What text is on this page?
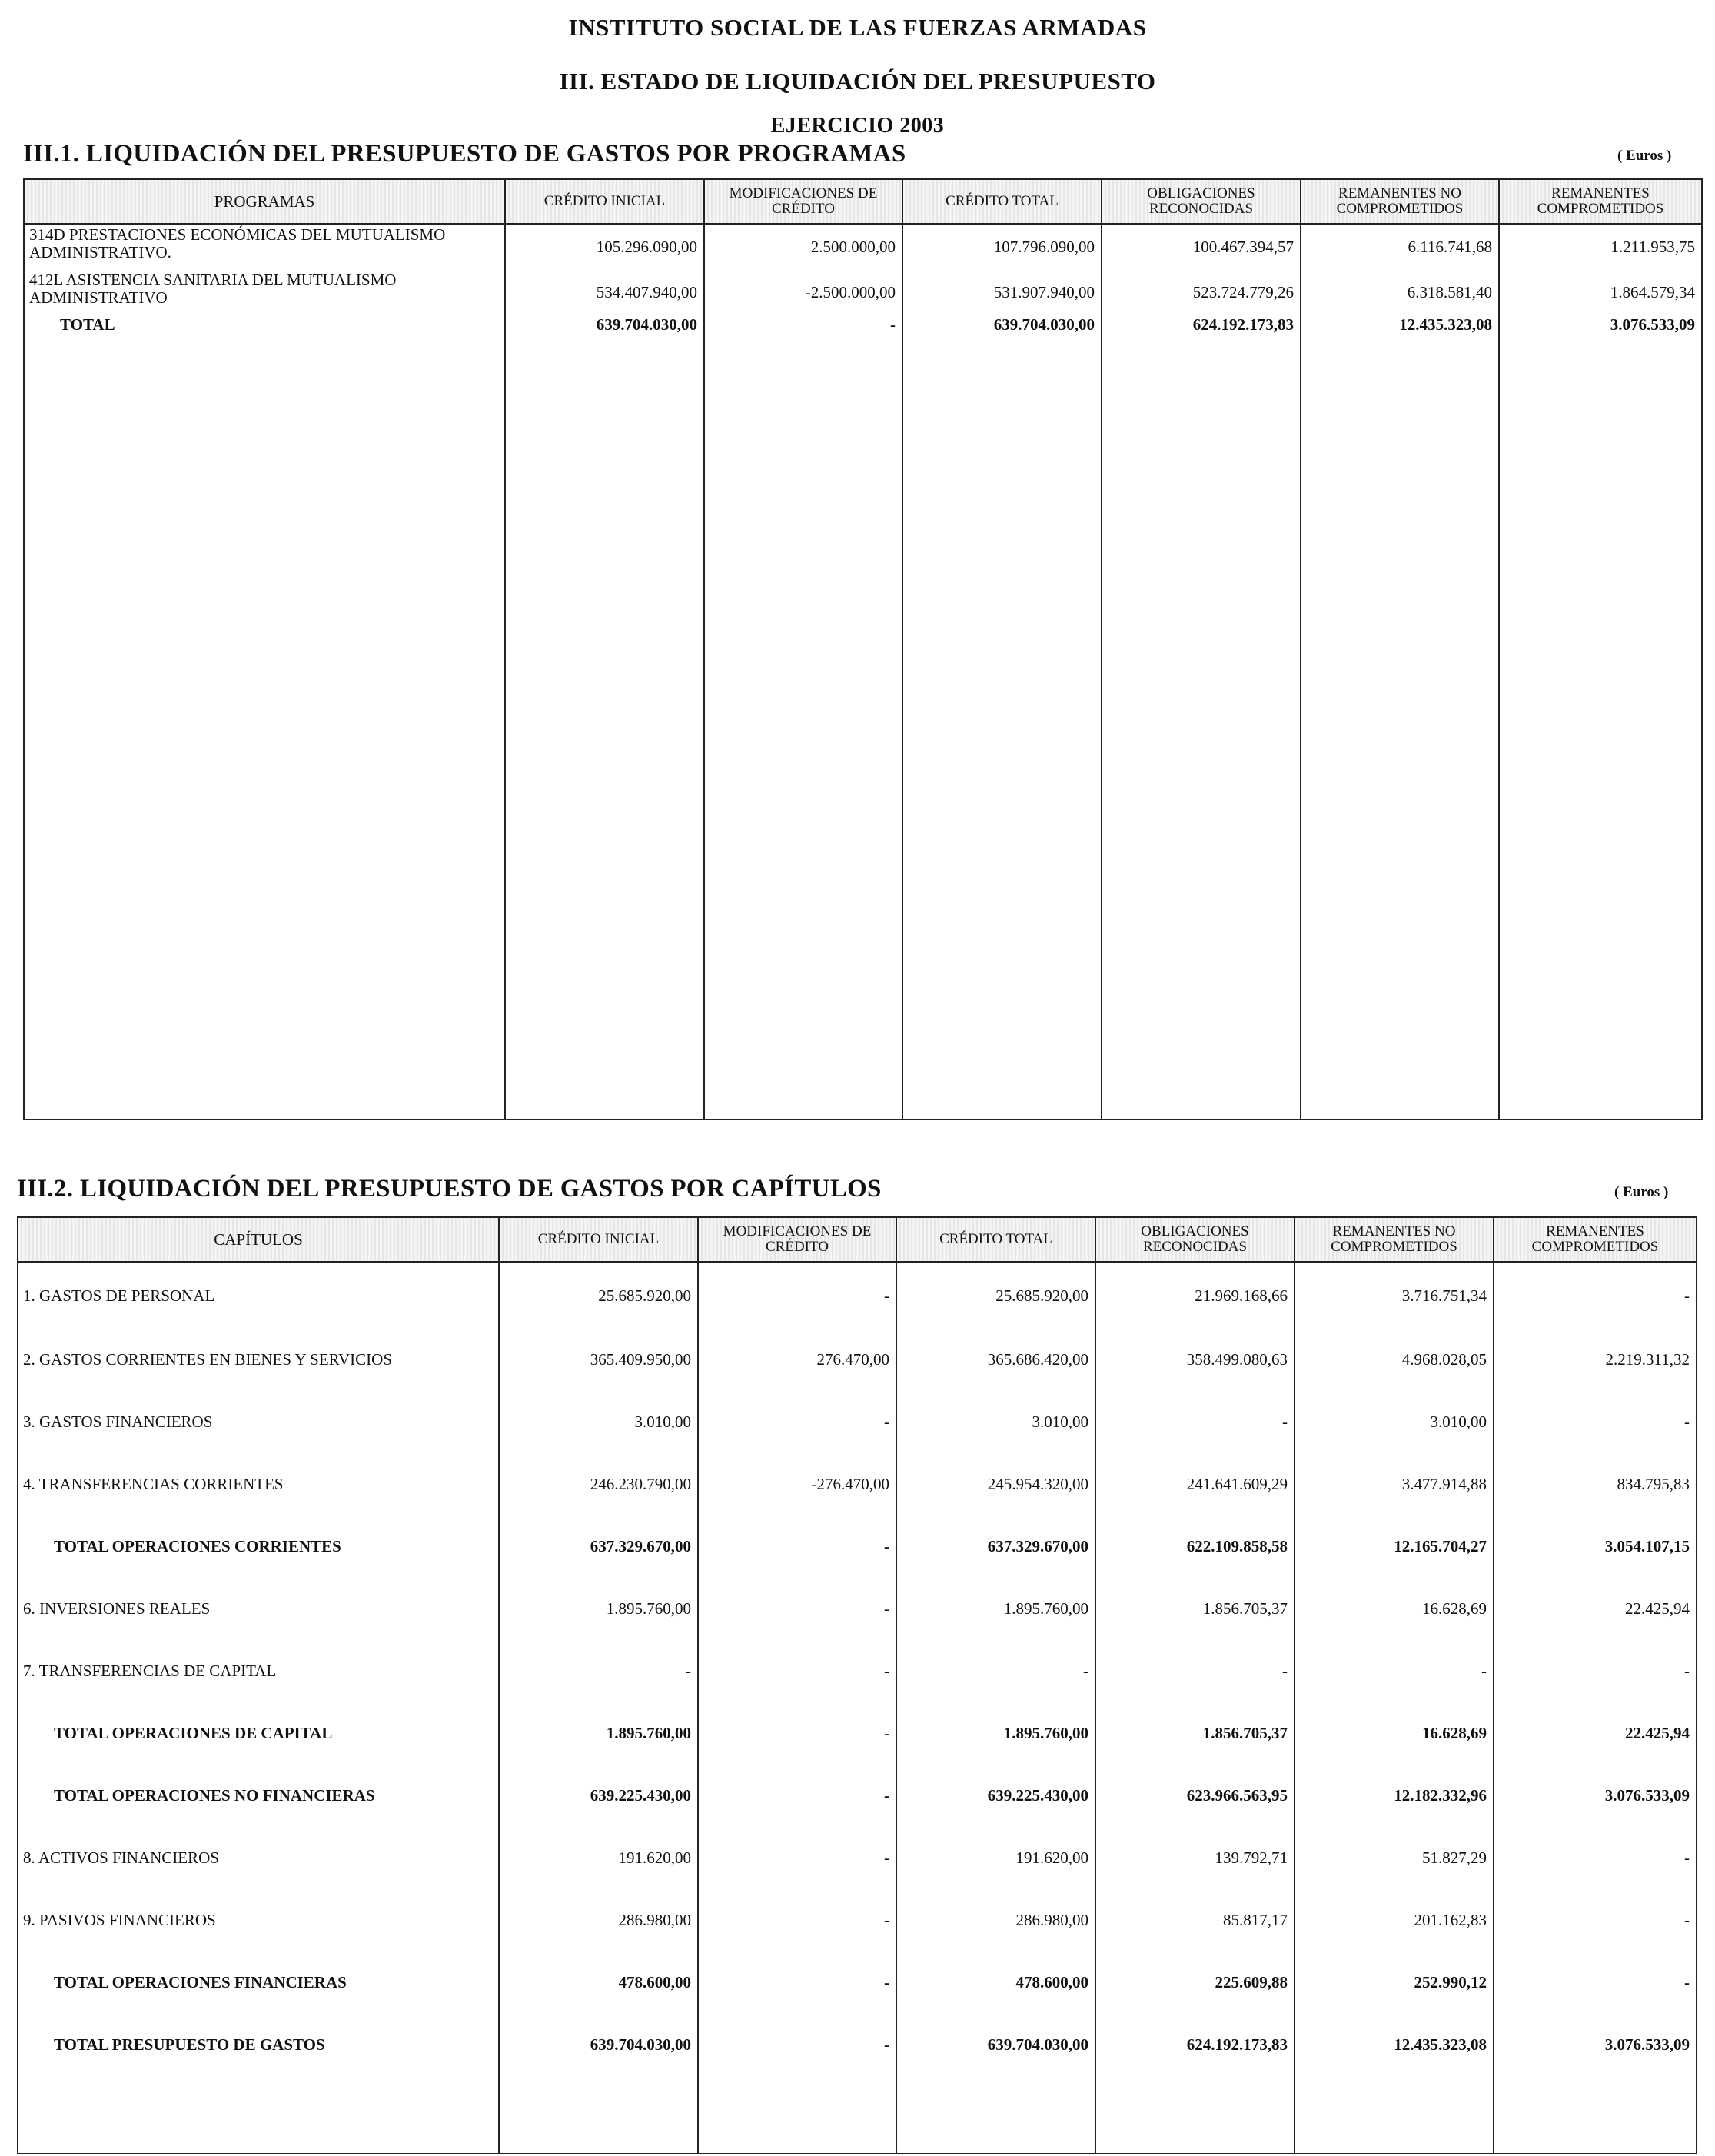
INSTITUTO SOCIAL DE LAS FUERZAS ARMADAS
III. ESTADO DE LIQUIDACIÓN DEL PRESUPUESTO
EJERCICIO 2003
III.1. LIQUIDACIÓN DEL PRESUPUESTO DE GASTOS POR PROGRAMAS	( Euros )
PROGRAMAS	CRÉDITO INICIAL	MODIFICACIONES DE CRÉDITO	CRÉDITO TOTAL	OBLIGACIONES RECONOCIDAS	REMANENTES NO COMPROMETIDOS	REMANENTES COMPROMETIDOS
314D PRESTACIONES ECONÓMICAS DEL MUTUALISMO ADMINISTRATIVO.	105.296.090,00	2.500.000,00	107.796.090,00	100.467.394,57	6.116.741,68	1.211.953,75
412L ASISTENCIA SANITARIA DEL MUTUALISMO ADMINISTRATIVO	534.407.940,00	-2.500.000,00	531.907.940,00	523.724.779,26	6.318.581,40	1.864.579,34
TOTAL	639.704.030,00	-	639.704.030,00	624.192.173,83	12.435.323,08	3.076.533,09

III.2. LIQUIDACIÓN DEL PRESUPUESTO DE GASTOS POR CAPÍTULOS	( Euros )
CAPÍTULOS	CRÉDITO INICIAL	MODIFICACIONES DE CRÉDITO	CRÉDITO TOTAL	OBLIGACIONES RECONOCIDAS	REMANENTES NO COMPROMETIDOS	REMANENTES COMPROMETIDOS
1. GASTOS DE PERSONAL	25.685.920,00	-	25.685.920,00	21.969.168,66	3.716.751,34	-
2. GASTOS CORRIENTES EN BIENES Y SERVICIOS	365.409.950,00	276.470,00	365.686.420,00	358.499.080,63	4.968.028,05	2.219.311,32
3. GASTOS FINANCIEROS	3.010,00	-	3.010,00	-	3.010,00	-
4. TRANSFERENCIAS CORRIENTES	246.230.790,00	-276.470,00	245.954.320,00	241.641.609,29	3.477.914,88	834.795,83
TOTAL OPERACIONES CORRIENTES	637.329.670,00	-	637.329.670,00	622.109.858,58	12.165.704,27	3.054.107,15
6. INVERSIONES REALES	1.895.760,00	-	1.895.760,00	1.856.705,37	16.628,69	22.425,94
7. TRANSFERENCIAS DE CAPITAL	-	-	-	-	-	-
TOTAL OPERACIONES DE CAPITAL	1.895.760,00	-	1.895.760,00	1.856.705,37	16.628,69	22.425,94
TOTAL OPERACIONES NO FINANCIERAS	639.225.430,00	-	639.225.430,00	623.966.563,95	12.182.332,96	3.076.533,09
8. ACTIVOS FINANCIEROS	191.620,00	-	191.620,00	139.792,71	51.827,29	-
9. PASIVOS FINANCIEROS	286.980,00	-	286.980,00	85.817,17	201.162,83	-
TOTAL OPERACIONES FINANCIERAS	478.600,00	-	478.600,00	225.609,88	252.990,12	-
TOTAL PRESUPUESTO DE GASTOS	639.704.030,00	-	639.704.030,00	624.192.173,83	12.435.323,08	3.076.533,09
